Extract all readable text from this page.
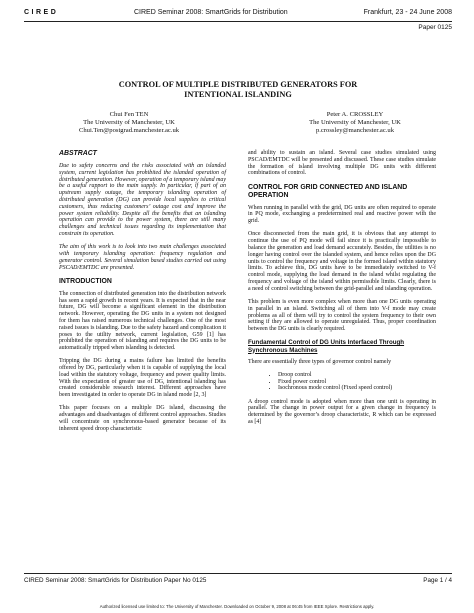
CIRED	CIRED Seminar 2008: SmartGrids for Distribution	Frankfurt, 23 - 24 June 2008
Paper 0125
CONTROL OF MULTIPLE DISTRIBUTED GENERATORS FOR
INTENTIONAL ISLANDING
Chui Fen TEN
The University of Manchester, UK
Chui.Ten@postgrad.manchester.ac.uk
Peter A. CROSSLEY
The University of Manchester, UK
p.crossley@manchester.ac.uk
ABSTRACT

Due to safety concerns and the risks associated with an islanded system, current legislation has prohibited the islanded operation of distributed generation. However, operation of a temporary island may be a useful rapport to the main supply. In particular, if part of an upstream supply outage, the temporary islanding operation of distributed generation (DG) can provide local supplies to critical customers, thus reducing customers’ outage cost and improve the power system reliability. Despite all the benefits that an islanding operation can provide to the power system, there are still many challenges and technical issues regarding its implementation that constrain its operation.

The aim of this work is to look into two main challenges associated with temporary islanding operation: frequency regulation and generator control. Several simulation based studies carried out using PSCAD/EMTDC are presented.

INTRODUCTION

The connection of distributed generation into the distribution network has seen a rapid growth in recent years. It is expected that in the near future, DG will become a significant element in the distribution network. However, operating the DG units in a system not designed for them has raised numerous technical challenges. One of the most raised issues is islanding. Due to the safety hazard and complication it poses to the utility network, current legislation, G59 [1] has prohibited the operation of islanding and requires the DG units to be automatically tripped when islanding is detected.

Tripping the DG during a mains failure has limited the benefits offered by DG, particularly when it is capable of supplying the local load within the statutory voltage, frequency and power quality limits. With the expectation of greater use of DG, intentional islanding has created considerable research interest. Different approaches have been investigated in order to operate DG in island mode [2, 3]

This paper focuses on a multiple DG island, discussing the advantages and disadvantages of different control approaches. Studies will concentrate on synchronous-based generator because of its inherent speed droop characteristic

and ability to sustain an island. Several case studies simulated using PSCAD/EMTDC will be presented and discussed. These case studies simulate the formation of island involving multiple DG units with different combinations of control.

CONTROL FOR GRID CONNECTED AND ISLAND OPERATION

When running in parallel with the grid, DG units are often required to operate in PQ mode, exchanging a predetermined real and reactive power with the grid.

Once disconnected from the main grid, it is obvious that any attempt to continue the use of PQ mode will fail since it is practically impossible to balance the generation and load demand accurately. Besides, the utilities is no longer having control over the islanded system, and hence relies upon the DG units to control the frequency and voltage in the formed island within statutory limits. To achieve this, DG units have to be immediately switched to V-f control mode, supplying the load demand in the island whilst regulating the frequency and voltage of the island within permissible limits. Clearly, there is a need of control switching between the grid-parallel and islanding operation.

This problem is even more complex when more than one DG units operating in parallel in an island. Switching all of them into V-f mode may create problems as all of them will try to control the system frequency to their own setting if they are allowed to operate unregulated. Thus, proper coordination between the DG units is clearly required.

Fundamental Control of DG Units Interfaced Through Synchronous Machines

There are essentially three types of governor control namely

• Droop control
• Fixed power control
• Isochronous mode control (Fixed speed control)

A droop control mode is adopted when more than one unit is operating in parallel. The change in power output for a given change in frequency is determined by the governor’s droop characteristic, R which can be expressed as [4]

CIRED Seminar 2008: SmartGrids for Distribution Paper No 0125	Page 1 / 4
Authorized licensed use limited to: The University of Manchester. Downloaded on October 9, 2008 at 06:45 from IEEE Xplore. Restrictions apply.
